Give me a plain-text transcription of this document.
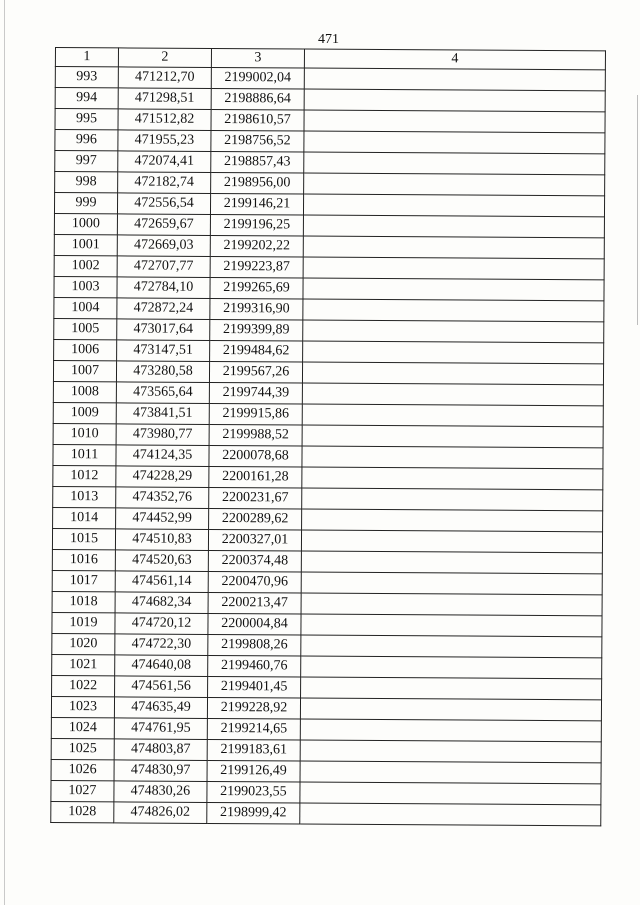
471
1	2	3	4
993	471212,70	2199002,04	
994	471298,51	2198886,64	
995	471512,82	2198610,57	
996	471955,23	2198756,52	
997	472074,41	2198857,43	
998	472182,74	2198956,00	
999	472556,54	2199146,21	
1000	472659,67	2199196,25	
1001	472669,03	2199202,22	
1002	472707,77	2199223,87	
1003	472784,10	2199265,69	
1004	472872,24	2199316,90	
1005	473017,64	2199399,89	
1006	473147,51	2199484,62	
1007	473280,58	2199567,26	
1008	473565,64	2199744,39	
1009	473841,51	2199915,86	
1010	473980,77	2199988,52	
1011	474124,35	2200078,68	
1012	474228,29	2200161,28	
1013	474352,76	2200231,67	
1014	474452,99	2200289,62	
1015	474510,83	2200327,01	
1016	474520,63	2200374,48	
1017	474561,14	2200470,96	
1018	474682,34	2200213,47	
1019	474720,12	2200004,84	
1020	474722,30	2199808,26	
1021	474640,08	2199460,76	
1022	474561,56	2199401,45	
1023	474635,49	2199228,92	
1024	474761,95	2199214,65	
1025	474803,87	2199183,61	
1026	474830,97	2199126,49	
1027	474830,26	2199023,55	
1028	474826,02	2198999,42	
